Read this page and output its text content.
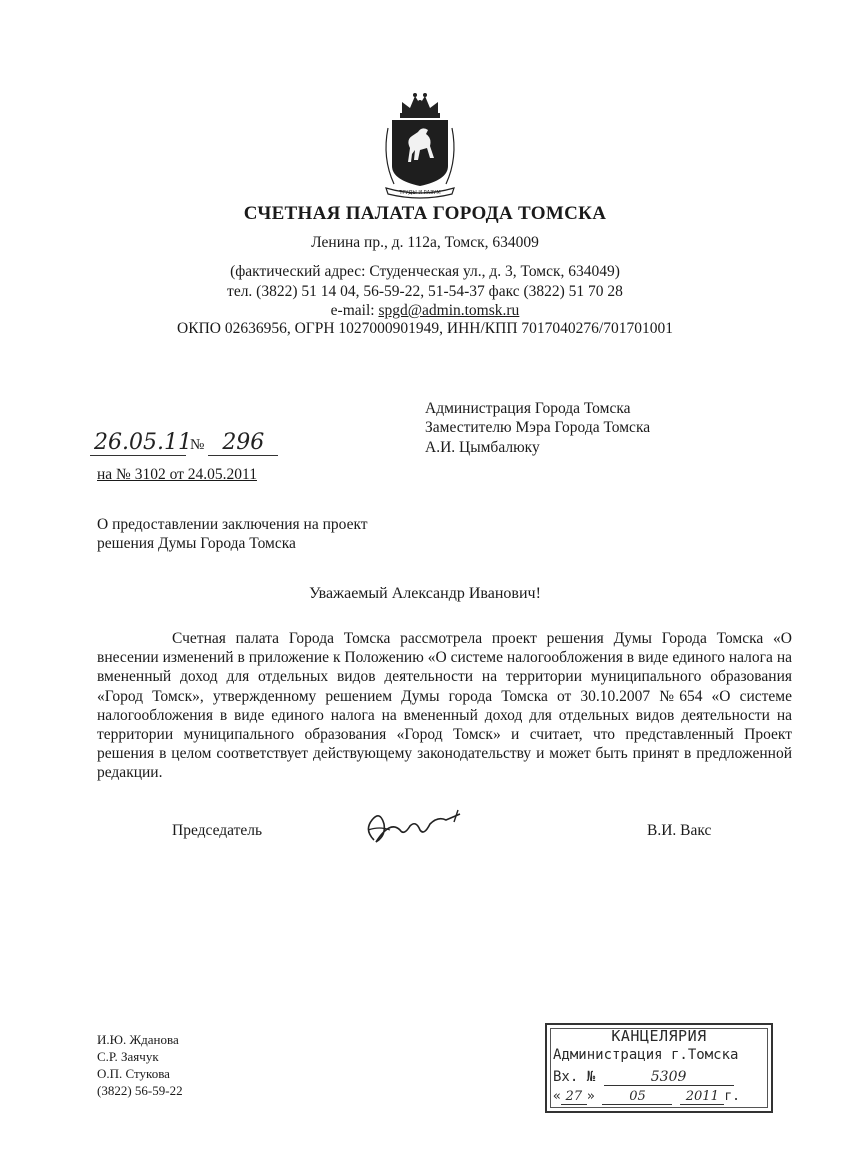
ТРУДЫ И РАЗУМ
СЧЕТНАЯ ПАЛАТА ГОРОДА ТОМСКА
Ленина пр., д. 112а, Томск, 634009
(фактический адрес: Студенческая ул., д. 3, Томск, 634049)
тел. (3822) 51 14 04, 56-59-22, 51-54-37 факс (3822) 51 70 28
e-mail: spgd@admin.tomsk.ru
ОКПО 02636956, ОГРН 1027000901949, ИНН/КПП 7017040276/701701001
Администрация Города Томска
Заместителю Мэра Города Томска
А.И. Цымбалюку
26.05.11 № 296
на № 3102 от 24.05.2011
О предоставлении заключения на проект
решения Думы Города Томска
Уважаемый Александр Иванович!
Счетная палата Города Томска рассмотрела проект решения Думы Города Томска «О внесении изменений в приложение к Положению «О системе налогообложения в виде единого налога на вмененный доход для отдельных видов деятельности на территории муниципального образования «Город Томск», утвержденному решением Думы города Томска от 30.10.2007 №654 «О системе налогообложения в виде единого налога на вмененный доход для отдельных видов деятельности на территории муниципального образования «Город Томск» и считает, что представленный Проект решения в целом соответствует действующему законодательству и может быть принят в предложенной редакции.
Председатель	В.И. Вакс
И.Ю. Жданова
С.Р. Заячук
О.П. Стукова
(3822) 56-59-22
КАНЦЕЛЯРИЯ
Администрация г.Томска
Вх. №	5309
« 27 »	05	2011 г.
